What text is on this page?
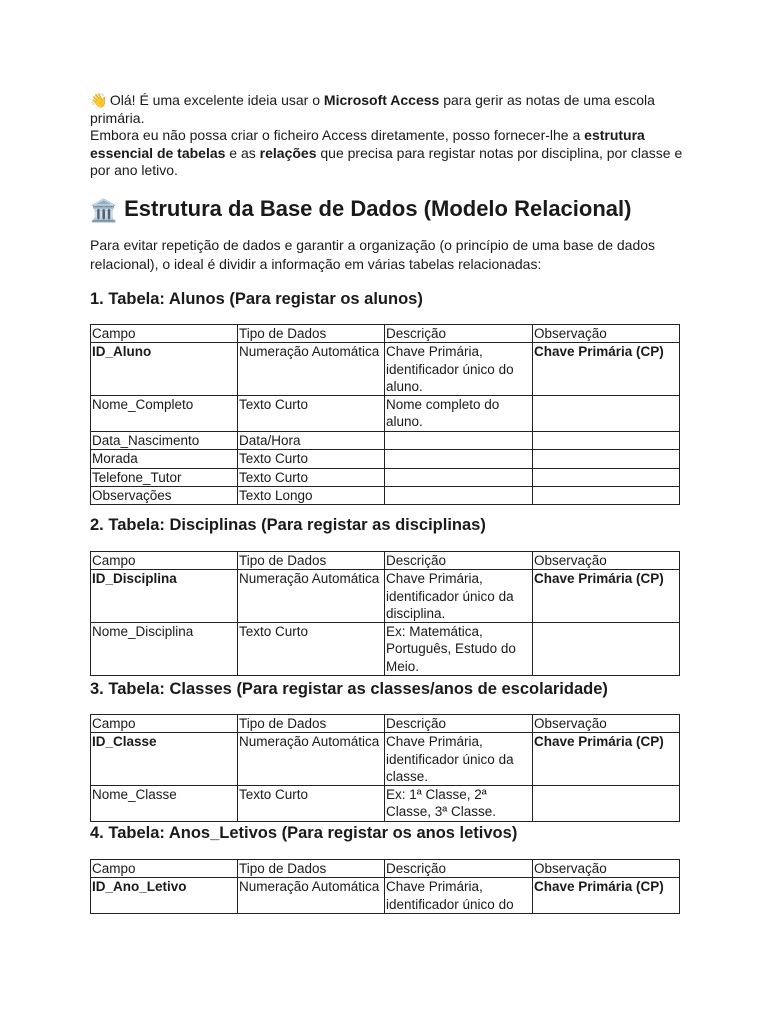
👋 Olá! É uma excelente ideia usar o Microsoft Access para gerir as notas de uma escola primária.

Embora eu não possa criar o ficheiro Access diretamente, posso fornecer-lhe a estrutura essencial de tabelas e as relações que precisa para registar notas por disciplina, por classe e por ano letivo.

🏛️ Estrutura da Base de Dados (Modelo Relacional)
Para evitar repetição de dados e garantir a organização (o princípio de uma base de dados relacional), o ideal é dividir a informação em várias tabelas relacionadas:
1. Tabela: Alunos (Para registar os alunos)
Campo	Tipo de Dados	Descrição	Observação
ID_Aluno	Numeração Automática	Chave Primária, identificador único do aluno.	Chave Primária (CP)
Nome_Completo	Texto Curto	Nome completo do aluno.	
Data_Nascimento	Data/Hora		
Morada	Texto Curto		
Telefone_Tutor	Texto Curto		
Observações	Texto Longo		
2. Tabela: Disciplinas (Para registar as disciplinas)
Campo	Tipo de Dados	Descrição	Observação
ID_Disciplina	Numeração Automática	Chave Primária, identificador único da disciplina.	Chave Primária (CP)
Nome_Disciplina	Texto Curto	Ex: Matemática, Português, Estudo do Meio.	
3. Tabela: Classes (Para registar as classes/anos de escolaridade)
Campo	Tipo de Dados	Descrição	Observação
ID_Classe	Numeração Automática	Chave Primária, identificador único da classe.	Chave Primária (CP)
Nome_Classe	Texto Curto	Ex: 1ª Classe, 2ª Classe, 3ª Classe.	
4. Tabela: Anos_Letivos (Para registar os anos letivos)
Campo	Tipo de Dados	Descrição	Observação
ID_Ano_Letivo	Numeração Automática	Chave Primária, identificador único do	Chave Primária (CP)
